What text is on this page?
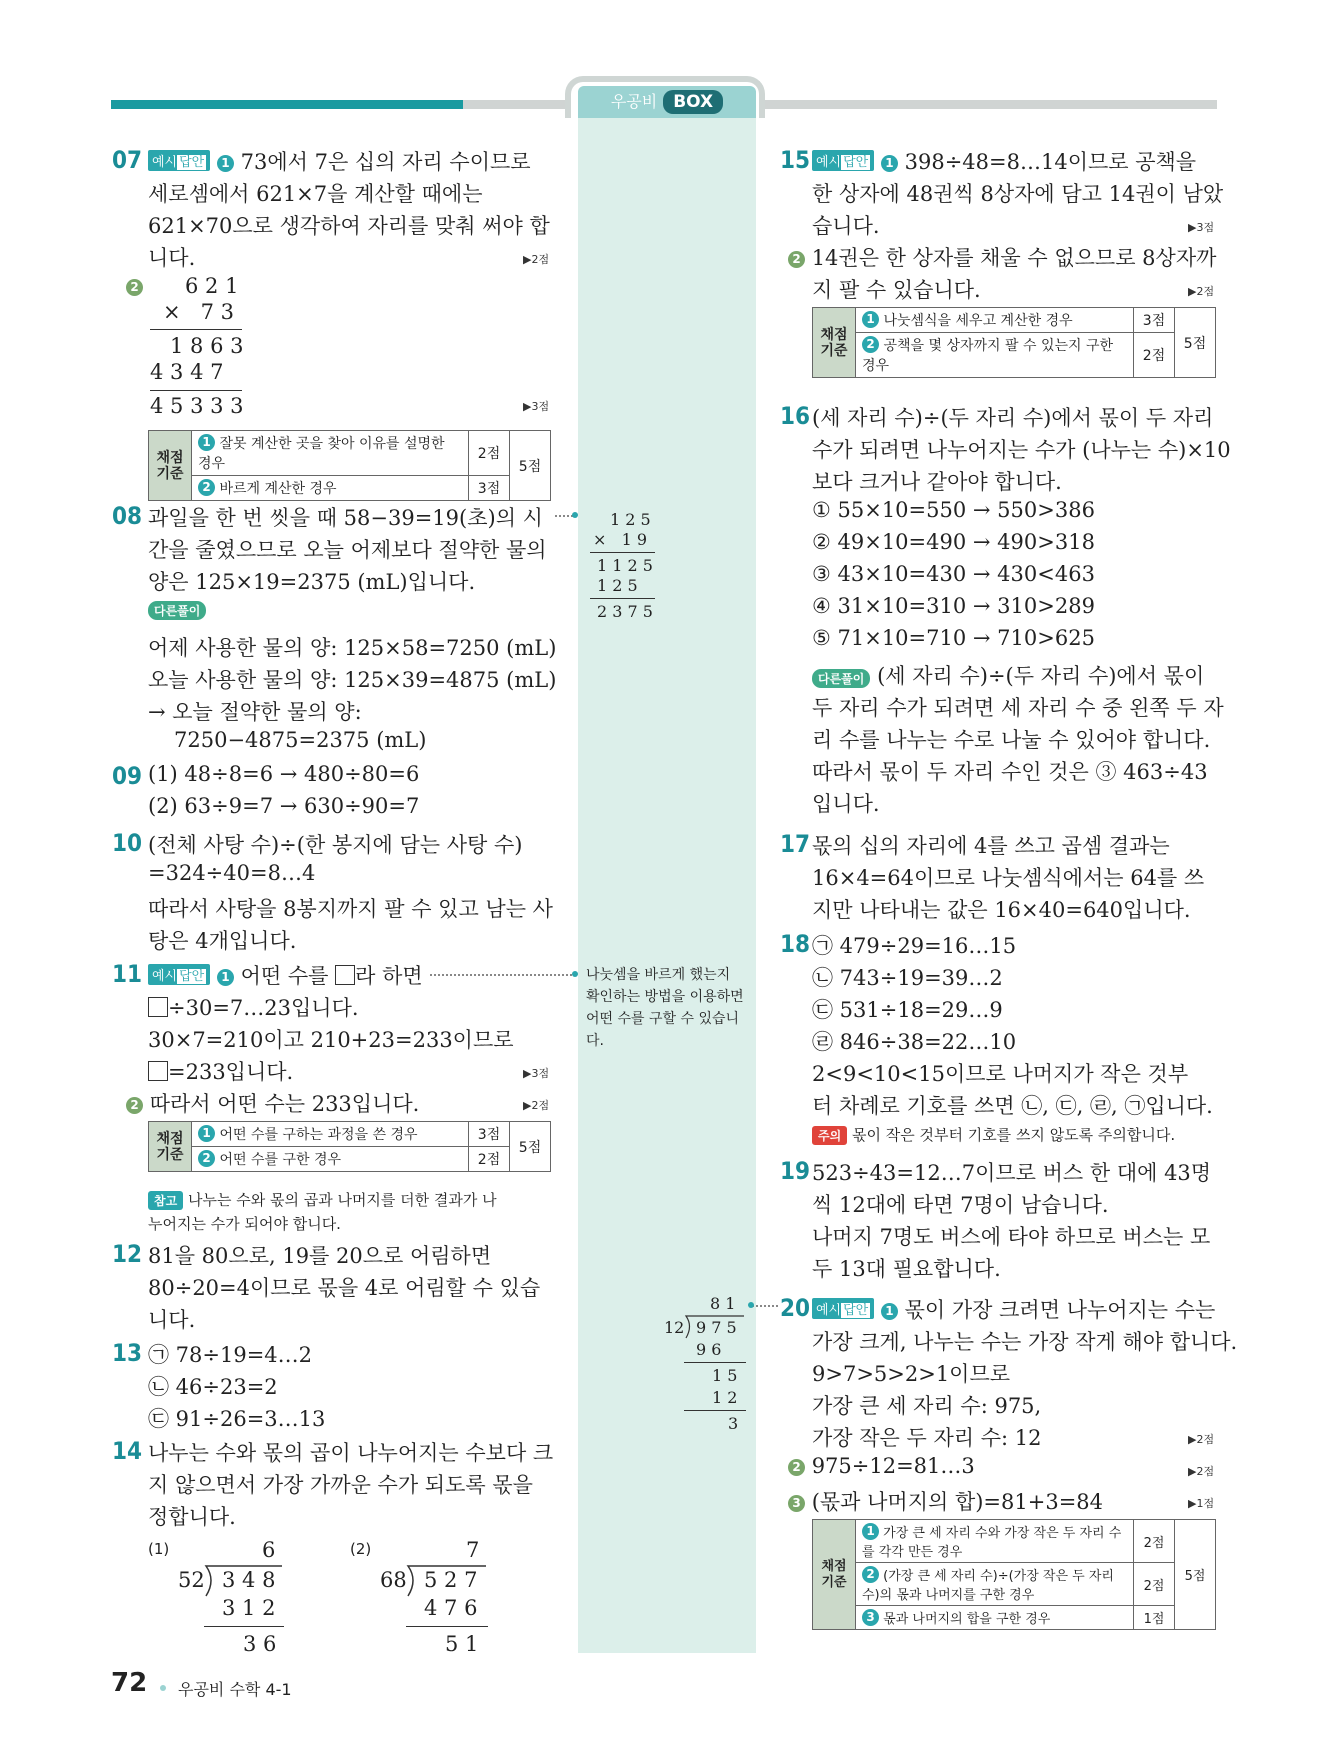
우공비 BOX
07 예시 답안 1 73에서 7은 십의 자리 수이므로
세로셈에서 621×7을 계산할 때에는
621×70으로 생각하여 자리를 맞춰 써야 합
니다.	▶2점
2 6 2 1
×   7 3
1 8 6 3
4 3 4 7
4 5 3 3 3	▶3점
채점
기준	1 잘못 계산한 곳을 찾아 이유를 설명한 경우	2점	5점
	2 바르게 계산한 경우	3점	
08 과일을 한 번 씻을 때 58−39=19(초)의 시
간을 줄였으므로 오늘 어제보다 절약한 물의
양은 125×19=2375 (mL)입니다.
다른풀이
어제 사용한 물의 양: 125×58=7250 (mL)
오늘 사용한 물의 양: 125×39=4875 (mL)
→ 오늘 절약한 물의 양:
7250−4875=2375 (mL)
1 2 5
×   1 9
1 1 2 5
1 2 5
2 3 7 5
09 (1) 48÷8=6 → 480÷80=6
(2) 63÷9=7 → 630÷90=7
10 (전체 사탕 수)÷(한 봉지에 담는 사탕 수)
=324÷40=8…4
따라서 사탕을 8봉지까지 팔 수 있고 남는 사
탕은 4개입니다.
11 예시 답안 1 어떤 수를 라 하면
÷30=7…23입니다.
30×7=210이고 210+23=233이므로
=233입니다.	▶3점
2 따라서 어떤 수는 233입니다.	▶2점
채점
기준	1 어떤 수를 구하는 과정을 쓴 경우	3점	5점
	2 어떤 수를 구한 경우	2점	
참고 나누는 수와 몫의 곱과 나머지를 더한 결과가 나
누어지는 수가 되어야 합니다.
나눗셈을 바르게 했는지 확인하는 방법을 이용하면 어떤 수를 구할 수 있습니다.
12 81을 80으로, 19를 20으로 어림하면
80÷20=4이므로 몫을 4로 어림할 수 있습
니다.
13 ㉠ 78÷19=4…2
㉡ 46÷23=2
㉢ 91÷26=3…13
14 나누는 수와 몫의 곱이 나누어지는 수보다 크
지 않으면서 가장 가까운 수가 되도록 몫을
정합니다.
(1)	6
52 3 4 8
3 1 2
3 6
(2)	7
68 5 2 7
4 7 6
5 1
15 예시 답안 1 398÷48=8…14이므로 공책을
한 상자에 48권씩 8상자에 담고 14권이 남았
습니다.	▶3점
2 14권은 한 상자를 채울 수 없으므로 8상자까
지 팔 수 있습니다.	▶2점
채점
기준	1 나눗셈식을 세우고 계산한 경우	3점	5점
	2 공책을 몇 상자까지 팔 수 있는지 구한 경우	2점	
16 (세 자리 수)÷(두 자리 수)에서 몫이 두 자리
수가 되려면 나누어지는 수가 (나누는 수)×10
보다 크거나 같아야 합니다.
① 55×10=550 → 550>386
② 49×10=490 → 490>318
③ 43×10=430 → 430<463
④ 31×10=310 → 310>289
⑤ 71×10=710 → 710>625
다른풀이 (세 자리 수)÷(두 자리 수)에서 몫이
두 자리 수가 되려면 세 자리 수 중 왼쪽 두 자
리 수를 나누는 수로 나눌 수 있어야 합니다.
따라서 몫이 두 자리 수인 것은 ③ 463÷43
입니다.
17 몫의 십의 자리에 4를 쓰고 곱셈 결과는
16×4=64이므로 나눗셈식에서는 64를 쓰
지만 나타내는 값은 16×40=640입니다.
18 ㉠ 479÷29=16…15
㉡ 743÷19=39…2
㉢ 531÷18=29…9
㉣ 846÷38=22…10
2<9<10<15이므로 나머지가 작은 것부
터 차례로 기호를 쓰면 ㉡, ㉢, ㉣, ㉠입니다.
주의 몫이 작은 것부터 기호를 쓰지 않도록 주의합니다.
19 523÷43=12…7이므로 버스 한 대에 43명
씩 12대에 타면 7명이 남습니다.
나머지 7명도 버스에 타야 하므로 버스는 모
두 13대 필요합니다.
20 예시 답안 1 몫이 가장 크려면 나누어지는 수는
가장 크게, 나누는 수는 가장 작게 해야 합니다.
9>7>5>2>1이므로
가장 큰 세 자리 수: 975,
가장 작은 두 자리 수: 12	▶2점
2 975÷12=81…3	▶2점
3 (몫과 나머지의 합)=81+3=84	▶1점
채점
기준	1 가장 큰 세 자리 수와 가장 작은 두 자리 수를 각각 만든 경우	2점	5점
	2 (가장 큰 세 자리 수)÷(가장 작은 두 자리 수)의 몫과 나머지를 구한 경우	2점	
	3 몫과 나머지의 합을 구한 경우	1점	
8 1
12 9 7 5
9 6
1 5
1 2
3
72 우공비 수학 4-1
